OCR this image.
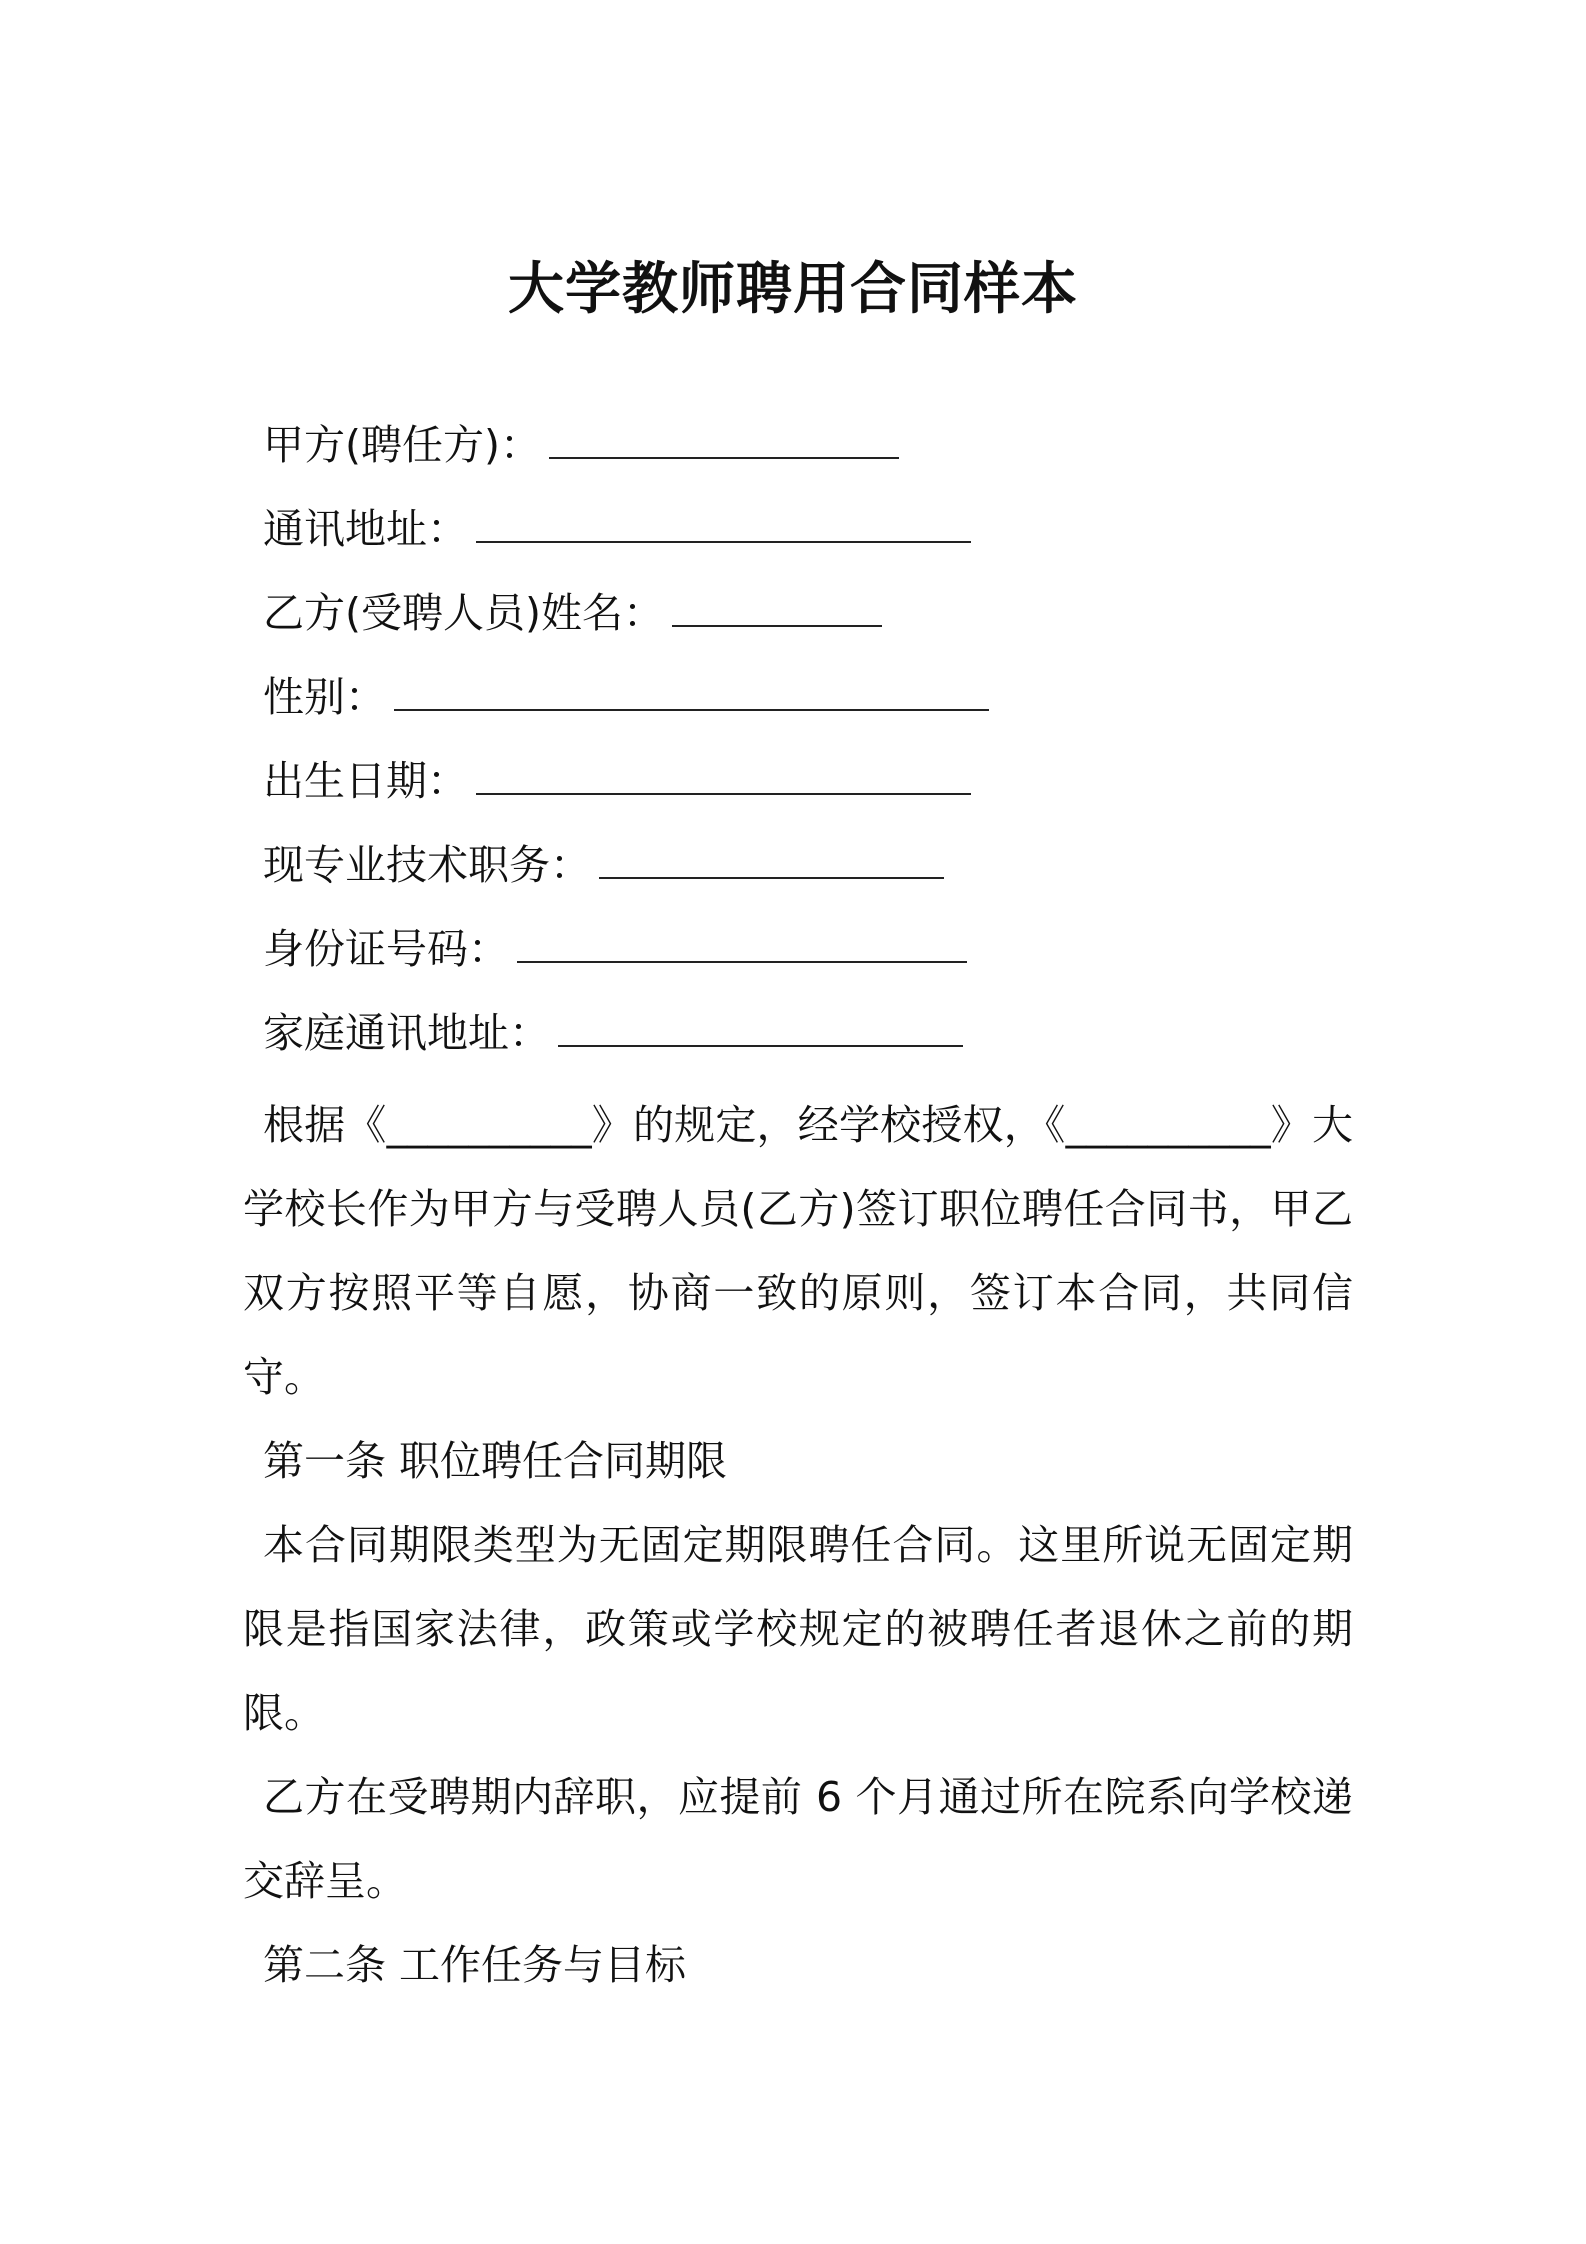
大学教师聘用合同样本
甲方(聘任方)：
通讯地址：
乙方(受聘人员)姓名：
性别：
出生日期：
现专业技术职务：
身份证号码：
家庭通讯地址：

根据《__________》的规定，经学校授权，《__________》大学校长作为甲方与受聘人员(乙方)签订职位聘任合同书，甲乙双方按照平等自愿，协商一致的原则，签订本合同，共同信守。

第一条 职位聘任合同期限

本合同期限类型为无固定期限聘任合同。这里所说无固定期限是指国家法律，政策或学校规定的被聘任者退休之前的期限。

乙方在受聘期内辞职，应提前 6 个月通过所在院系向学校递交辞呈。

第二条 工作任务与目标
